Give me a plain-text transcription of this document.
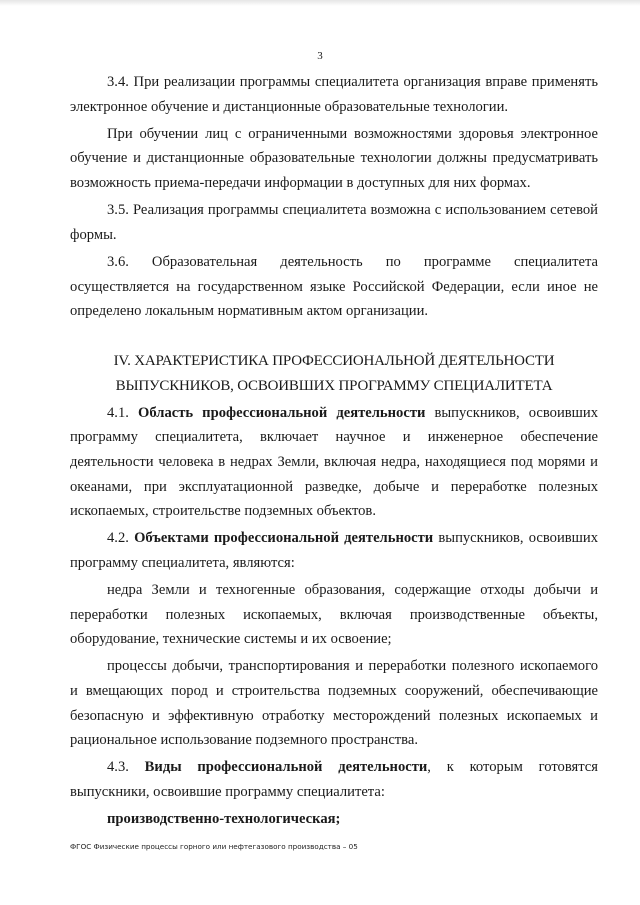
3

3.4. При реализации программы специалитета организация вправе применять электронное обучение и дистанционные образовательные технологии.

При обучении лиц с ограниченными возможностями здоровья электронное обучение и дистанционные образовательные технологии должны предусматривать возможность приема-передачи информации в доступных для них формах.

3.5. Реализация программы специалитета возможна с использованием сетевой формы.

3.6. Образовательная деятельность по программе специалитета осуществляется на государственном языке Российской Федерации, если иное не определено локальным нормативным актом организации.

IV. ХАРАКТЕРИСТИКА ПРОФЕССИОНАЛЬНОЙ ДЕЯТЕЛЬНОСТИ
ВЫПУСКНИКОВ, ОСВОИВШИХ ПРОГРАММУ СПЕЦИАЛИТЕТА

4.1. Область профессиональной деятельности выпускников, освоивших программу специалитета, включает научное и инженерное обеспечение деятельности человека в недрах Земли, включая недра, находящиеся под морями и океанами, при эксплуатационной разведке, добыче и переработке полезных ископаемых, строительстве подземных объектов.

4.2. Объектами профессиональной деятельности выпускников, освоивших программу специалитета, являются:

недра Земли и техногенные образования, содержащие отходы добычи и переработки полезных ископаемых, включая производственные объекты, оборудование, технические системы и их освоение;

процессы добычи, транспортирования и переработки полезного ископаемого и вмещающих пород и строительства подземных сооружений, обеспечивающие безопасную и эффективную отработку месторождений полезных ископаемых и рациональное использование подземного пространства.

4.3. Виды профессиональной деятельности, к которым готовятся выпускники, освоившие программу специалитета:

производственно-технологическая;

ФГОС Физические процессы горного или нефтегазового производства – 05
